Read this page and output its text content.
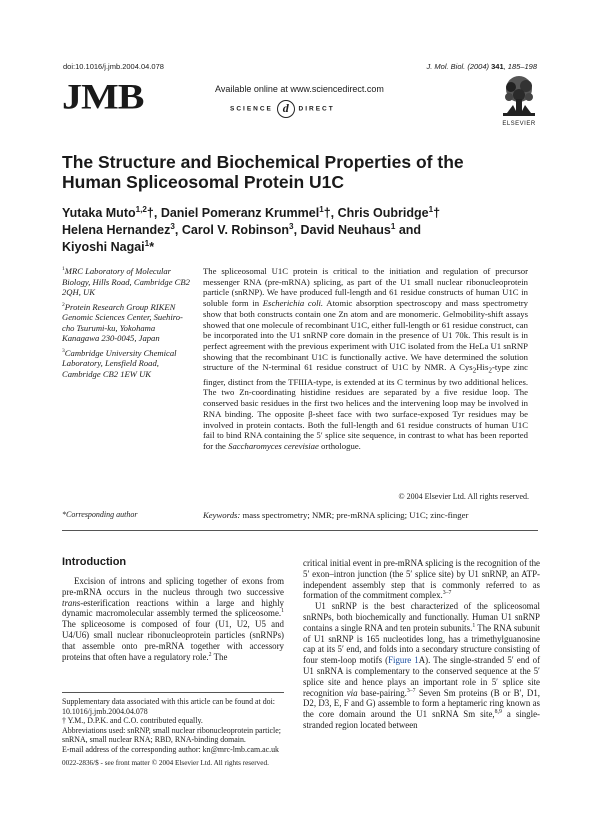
doi:10.1016/j.jmb.2004.04.078	J. Mol. Biol. (2004) 341, 185–198
JMB	Available online at www.sciencedirect.com
SCIENCE d DIRECT
ELSEVIER
The Structure and Biochemical Properties of the
Human Spliceosomal Protein U1C
Yutaka Muto$^{1,2}$†, Daniel Pomeranz Krummel$^1$†, Chris Oubridge$^1$†
Helena Hernandez$^3$, Carol V. Robinson$^3$, David Neuhaus$^1$ and
Kiyoshi Nagai$^1$*

$^1$MRC Laboratory of Molecular Biology, Hills Road, Cambridge CB2 2QH, UK

$^2$Protein Research Group RIKEN Genomic Sciences Center, Suehiro-cho Tsurumi-ku, Yokohama Kanagawa 230-0045, Japan

$^3$Cambridge University Chemical Laboratory, Lensfield Road, Cambridge CB2 1EW UK

The spliceosomal U1C protein is critical to the initiation and regulation of precursor messenger RNA (pre-mRNA) splicing, as part of the U1 small nuclear ribonucleoprotein particle (snRNP). We have produced full-length and 61 residue constructs of human U1C in soluble form in Escherichia coli. Atomic absorption spectroscopy and mass spectrometry show that both constructs contain one Zn atom and are monomeric. Gelmobility-shift assays showed that one molecule of recombinant U1C, either full-length or 61 residue construct, can be incorporated into the U1 snRNP core domain in the presence of U1 70k. This result is in perfect agreement with the previous experiment with U1C isolated from the HeLa U1 snRNP showing that the recombinant U1C is functionally active. We have determined the solution structure of the N-terminal 61 residue construct of U1C by NMR. A Cys$_2$His$_2$-type zinc finger, distinct from the TFIIIA-type, is extended at its C terminus by two additional helices. The two Zn-coordinating histidine residues are separated by a five residue loop. The conserved basic residues in the first two helices and the intervening loop may be involved in RNA binding. The opposite β-sheet face with two surface-exposed Tyr residues may be involved in protein contacts. Both the full-length and 61 residue constructs of human U1C fail to bind RNA containing the 5′ splice site sequence, in contrast to what has been reported for the Saccharomyces cerevisiae orthologue.
© 2004 Elsevier Ltd. All rights reserved.
*Corresponding author	Keywords: mass spectrometry; NMR; pre-mRNA splicing; U1C; zinc-finger
Introduction

Excision of introns and splicing together of exons from pre-mRNA occurs in the nucleus through two successive trans-esterification reactions within a large and highly dynamic macromolecular assembly termed the spliceosome.$^1$ The spliceosome is composed of four (U1, U2, U5 and U4/U6) small nuclear ribonucleoprotein particles (snRNPs) that assemble onto pre-mRNA together with accessory proteins that often have a regulatory role.$^2$ The

critical initial event in pre-mRNA splicing is the recognition of the 5′ exon–intron junction (the 5′ splice site) by U1 snRNP, an ATP-independent assembly step that is commonly referred to as formation of the commitment complex.$^{3-7}$

U1 snRNP is the best characterized of the spliceosomal snRNPs, both biochemically and functionally. Human U1 snRNP contains a single RNA and ten protein subunits.$^1$ The RNA subunit of U1 snRNP is 165 nucleotides long, has a trimethylguanosine cap at its 5′ end, and folds into a secondary structure consisting of four stem-loop motifs (Figure 1A). The single-stranded 5′ end of U1 snRNA is complementary to the conserved sequence at the 5′ splice site and hence plays an important role in 5′ splice site recognition via base-pairing.$^{3-7}$ Seven Sm proteins (B or B′, D1, D2, D3, E, F and G) assemble to form a heptameric ring known as the core domain around the U1 snRNA Sm site,$^{8,9}$ a single-stranded region located between

Supplementary data associated with this article can be found at doi: 10.1016/j.jmb.2004.04.078

† Y.M., D.P.K. and C.O. contributed equally.

Abbreviations used: snRNP, small nuclear ribonucleoprotein particle; snRNA, small nuclear RNA; RBD, RNA-binding domain.

E-mail address of the corresponding author: kn@mrc-lmb.cam.ac.uk

0022-2836/$ - see front matter © 2004 Elsevier Ltd. All rights reserved.
